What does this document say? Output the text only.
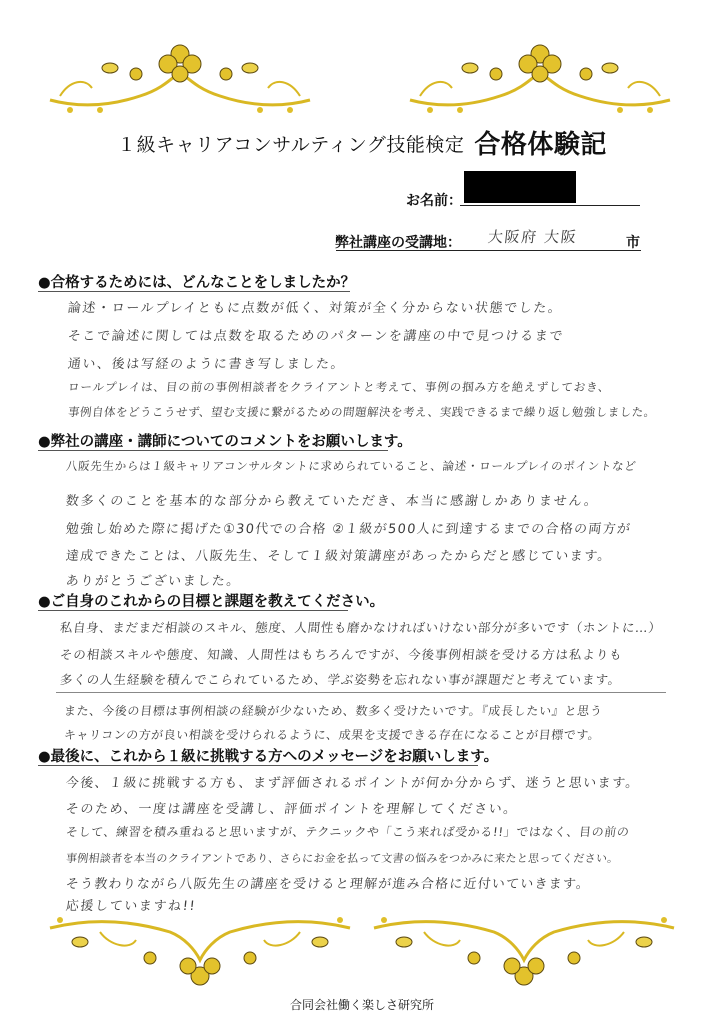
１級キャリアコンサルティング技能検定 合格体験記
お名前：
弊社講座の受講地： 大阪府 大阪	市
●合格するためには、どんなことをしましたか？
論述・ロールプレイともに点数が低く、対策が全く分からない状態でした。
そこで論述に関しては点数を取るためのパターンを講座の中で見つけるまで
通い、後は写経のように書き写しました。
ロールプレイは、目の前の事例相談者をクライアントと考えて、事例の掴み方を絶えずしておき、
事例自体をどうこうせず、望む支援に繋がるための問題解決を考え、実践できるまで繰り返し勉強しました。
●弊社の講座・講師についてのコメントをお願いします。
八阪先生からは１級キャリアコンサルタントに求められていること、論述・ロールプレイのポイントなど
数多くのことを基本的な部分から教えていただき、本当に感謝しかありません。
勉強し始めた際に掲げた①30代での合格 ②１級が500人に到達するまでの合格の両方が
達成できたことは、八阪先生、そして１級対策講座があったからだと感じています。
ありがとうございました。
●ご自身のこれからの目標と課題を教えてください。
私自身、まだまだ相談のスキル、態度、人間性も磨かなければいけない部分が多いです（ホントに…）
その相談スキルや態度、知識、人間性はもちろんですが、今後事例相談を受ける方は私よりも
多くの人生経験を積んでこられているため、学ぶ姿勢を忘れない事が課題だと考えています。
また、今後の目標は事例相談の経験が少ないため、数多く受けたいです。『成長したい』と思う
キャリコンの方が良い相談を受けられるように、成果を支援できる存在になることが目標です。
●最後に、これから１級に挑戦する方へのメッセージをお願いします。
今後、１級に挑戦する方も、まず評価されるポイントが何か分からず、迷うと思います。
そのため、一度は講座を受講し、評価ポイントを理解してください。
そして、練習を積み重ねると思いますが、テクニックや「こう来れば受かる!!」ではなく、目の前の
事例相談者を本当のクライアントであり、さらにお金を払って文書の悩みをつかみに来たと思ってください。
そう教わりながら八阪先生の講座を受けると理解が進み合格に近付いていきます。
応援していますね!!
合同会社働く楽しさ研究所
